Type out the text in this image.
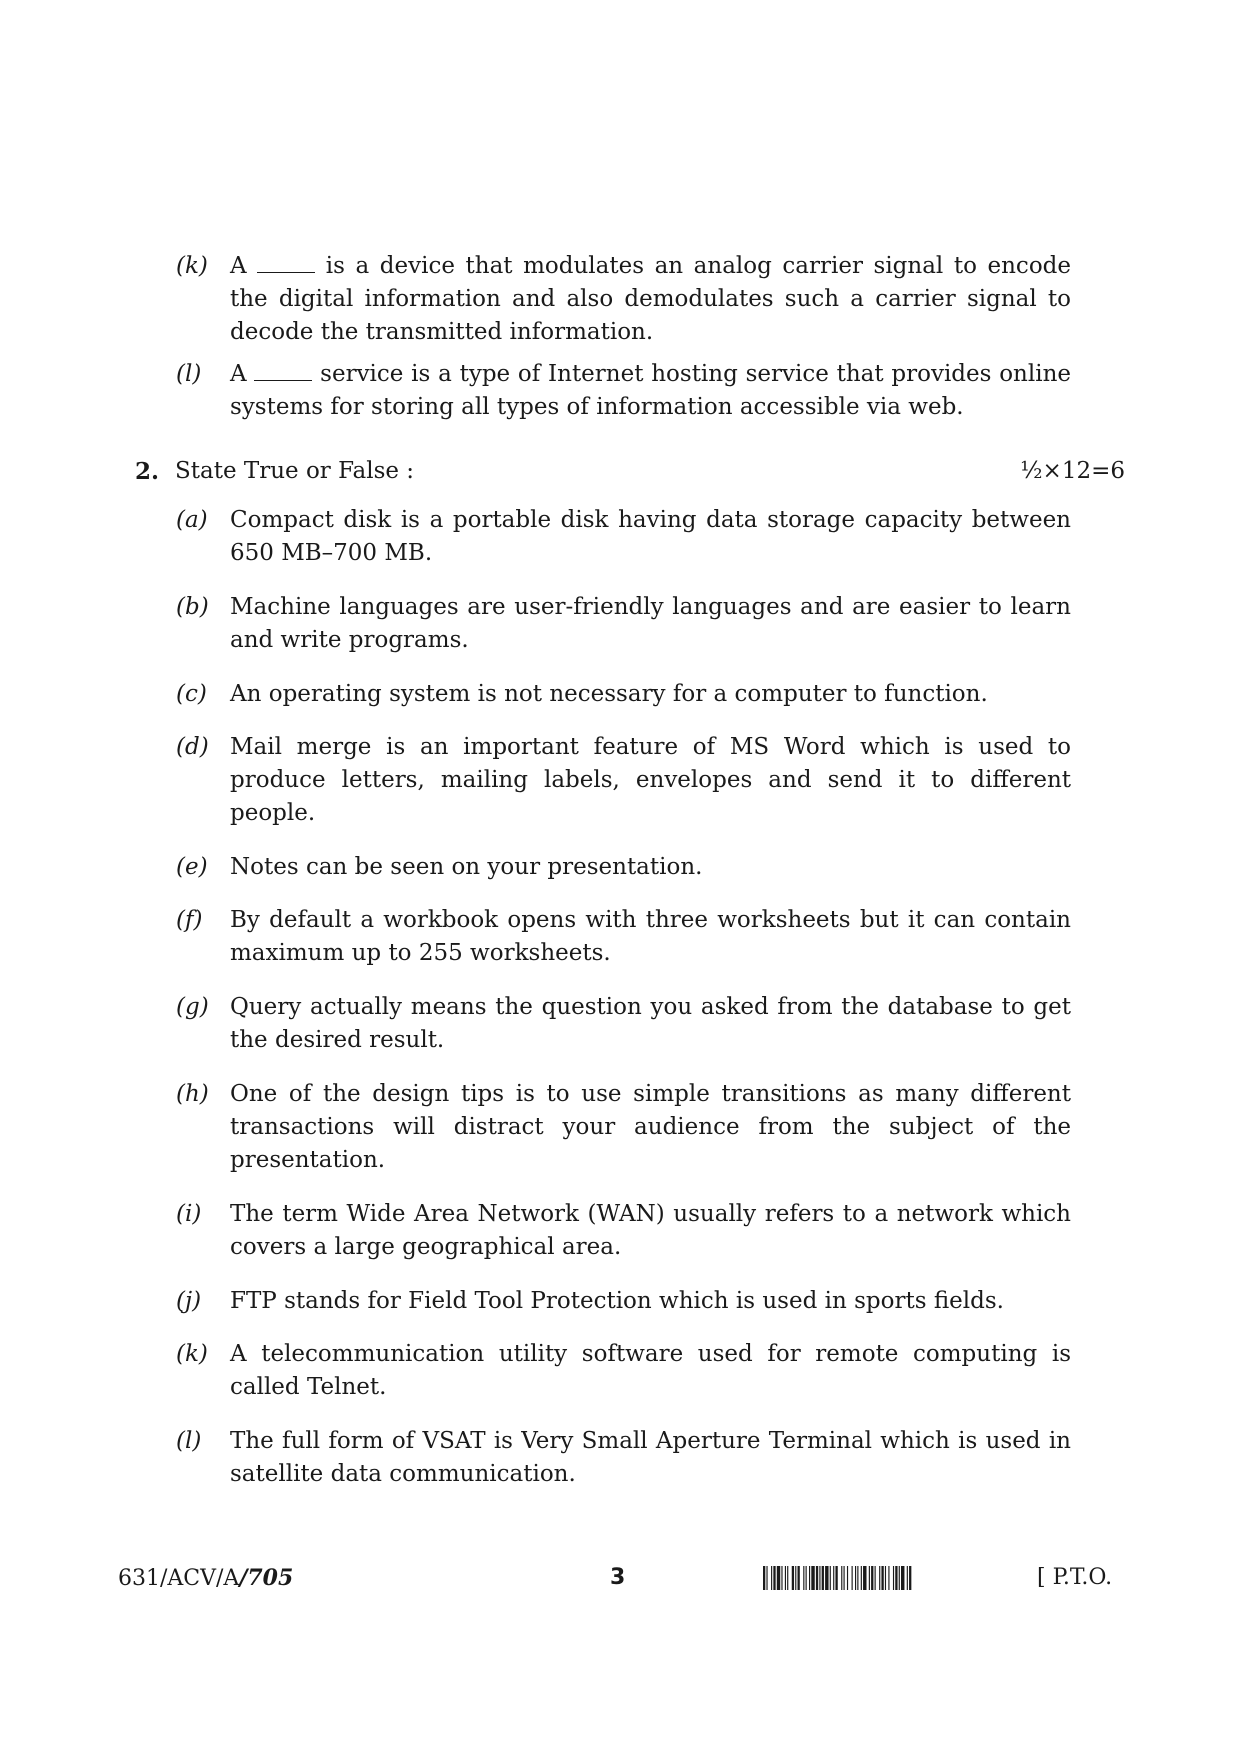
(k) A	is a device that modulates an analog carrier signal to encode the digital information and also demodulates such a carrier signal to decode the transmitted information.
(l)	A	service is a type of Internet hosting service that provides online systems for storing all types of information accessible via web.
2. State True or False :	½×12=6
(a) Compact disk is a portable disk having data storage capacity between 650 MB–700 MB.
(b) Machine languages are user-friendly languages and are easier to learn and write programs.
(c)	An operating system is not necessary for a computer to function.
(d) Mail merge is an important feature of MS Word which is used to produce letters, mailing labels, envelopes and send it to different people.
(e) Notes can be seen on your presentation.
(f)	By default a workbook opens with three worksheets but it can contain maximum up to 255 worksheets.
(g) Query actually means the question you asked from the database to get the desired result.
(h) One of the design tips is to use simple transitions as many different transactions will distract your audience from the subject of the presentation.
(i)	The term Wide Area Network (WAN) usually refers to a network which covers a large geographical area.
(j)	FTP stands for Field Tool Protection which is used in sports fields.
(k) A telecommunication utility software used for remote computing is called Telnet.
(l)	The full form of VSAT is Very Small Aperture Terminal which is used in satellite data communication.
631/ACV/A/705	3	[ P.T.O.
